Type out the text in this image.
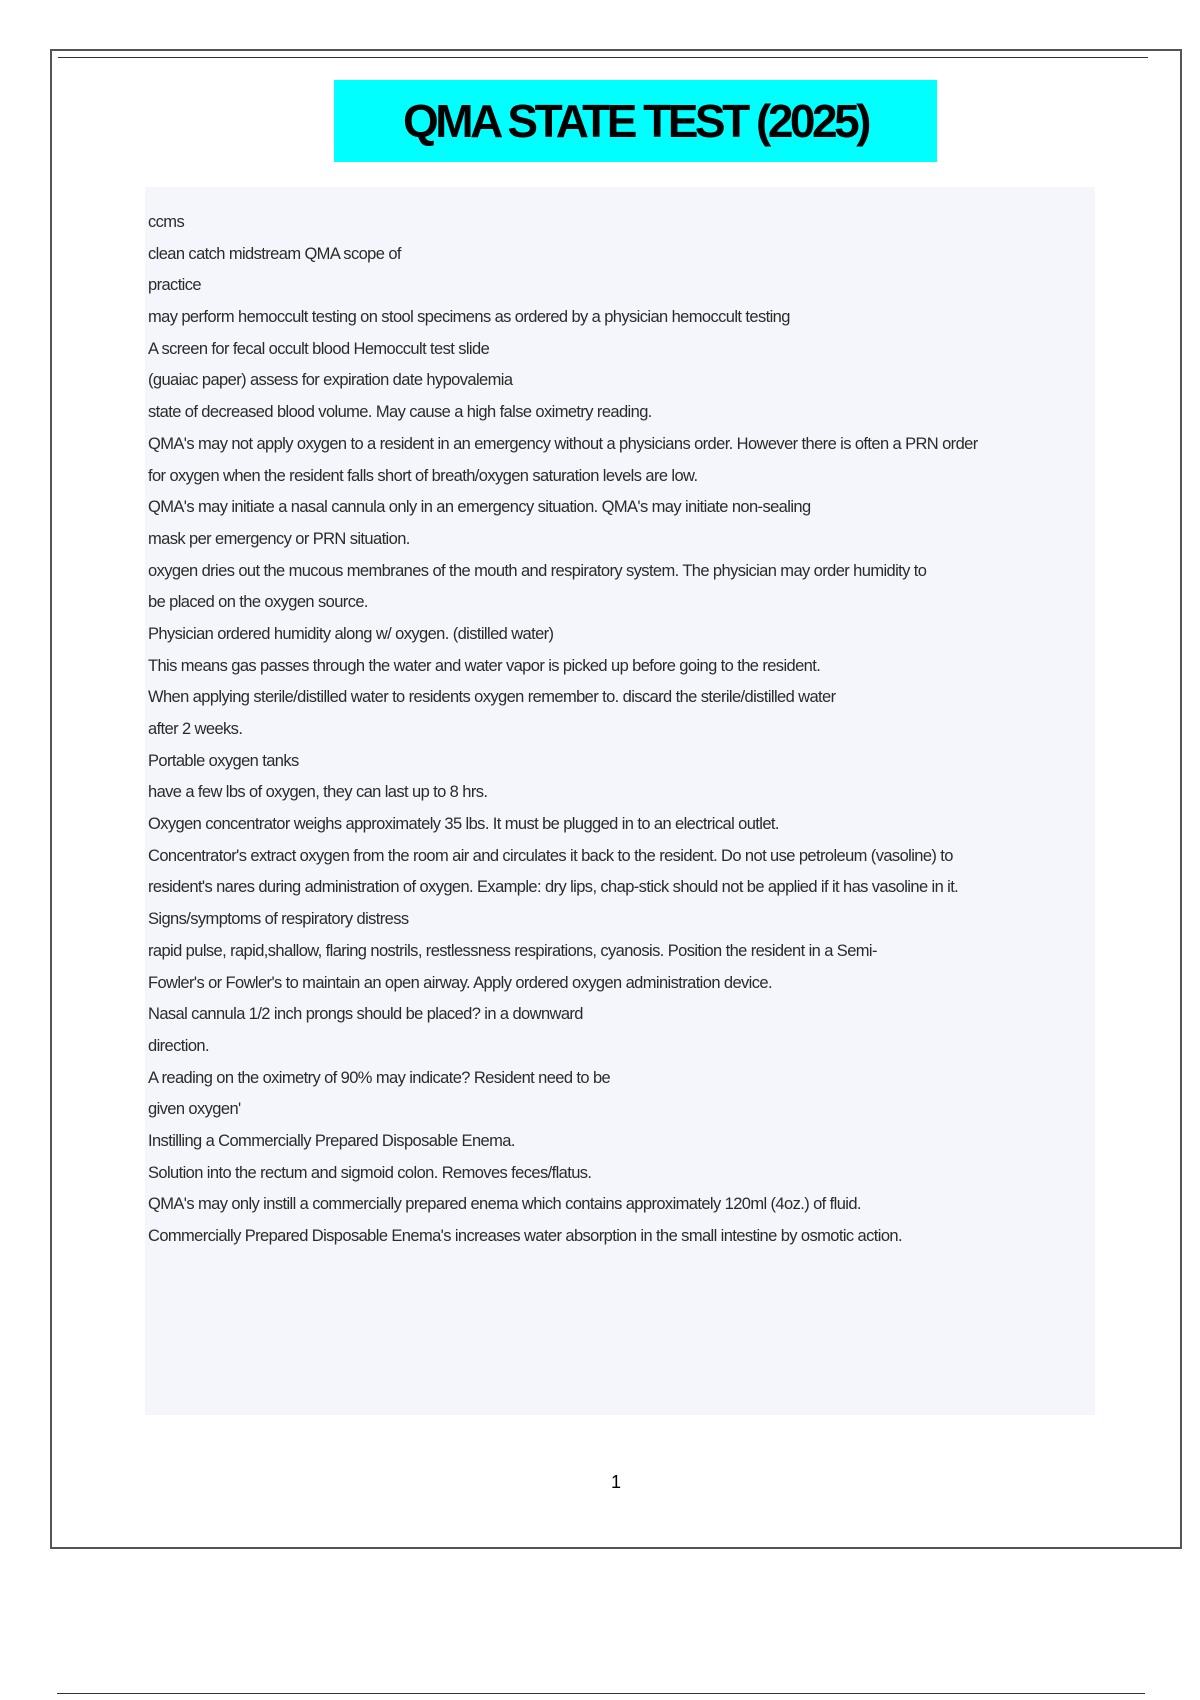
QMA STATE TEST (2025)
ccms
clean catch midstream QMA scope of
practice
may perform hemoccult testing on stool specimens as ordered by a physician hemoccult testing
A screen for fecal occult blood Hemoccult test slide
(guaiac paper) assess for expiration date hypovalemia
state of decreased blood volume. May cause a high false oximetry reading.
QMA's may not apply oxygen to a resident in an emergency without a physicians order. However there is often a PRN order
for oxygen when the resident falls short of breath/oxygen saturation levels are low.
QMA's may initiate a nasal cannula only in an emergency situation. QMA's may initiate non-sealing
mask per emergency or PRN situation.
oxygen dries out the mucous membranes of the mouth and respiratory system. The physician may order humidity to
be placed on the oxygen source.
Physician ordered humidity along w/ oxygen. (distilled water)
This means gas passes through the water and water vapor is picked up before going to the resident.
When applying sterile/distilled water to residents oxygen remember to. discard the sterile/distilled water
after 2 weeks.
Portable oxygen tanks
have a few lbs of oxygen, they can last up to 8 hrs.
Oxygen concentrator weighs approximately 35 lbs. It must be plugged in to an electrical outlet.
Concentrator's extract oxygen from the room air and circulates it back to the resident. Do not use petroleum (vasoline) to
resident's nares during administration of oxygen. Example: dry lips, chap-stick should not be applied if it has vasoline in it.
Signs/symptoms of respiratory distress
rapid pulse, rapid,shallow, flaring nostrils, restlessness respirations, cyanosis. Position the resident in a Semi-
Fowler's or Fowler's to maintain an open airway. Apply ordered oxygen administration device.
Nasal cannula 1/2 inch prongs should be placed? in a downward
direction.
A reading on the oximetry of 90% may indicate? Resident need to be
given oxygen'
Instilling a Commercially Prepared Disposable Enema.
Solution into the rectum and sigmoid colon. Removes feces/flatus.
QMA's may only instill a commercially prepared enema which contains approximately 120ml (4oz.) of fluid.
Commercially Prepared Disposable Enema's increases water absorption in the small intestine by osmotic action.
1
